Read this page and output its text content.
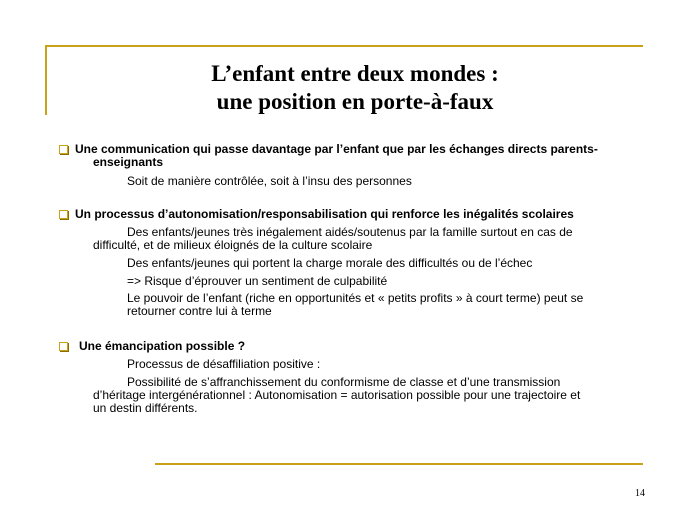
L’enfant entre deux mondes :
une position en porte-à-faux
Une communication qui passe davantage par l’enfant que par les échanges directs parents-
enseignants
Soit de manière contrôlée, soit à l’insu des personnes
Un processus d’autonomisation/responsabilisation qui renforce les inégalités scolaires
Des enfants/jeunes très inégalement aidés/soutenus par la famille surtout en cas de
difficulté, et de milieux éloignés de la culture scolaire
Des enfants/jeunes qui portent la charge morale des difficultés ou de l’échec
=> Risque d’éprouver un sentiment de culpabilité
Le pouvoir de l’enfant (riche en opportunités et « petits profits » à court terme) peut se
retourner contre lui à terme
Une émancipation possible ?
Processus de désaffiliation positive :
Possibilité de s’affranchissement du conformisme de classe et d’une transmission
d’héritage intergénérationnel : Autonomisation = autorisation possible pour une trajectoire et
un destin différents.
14
